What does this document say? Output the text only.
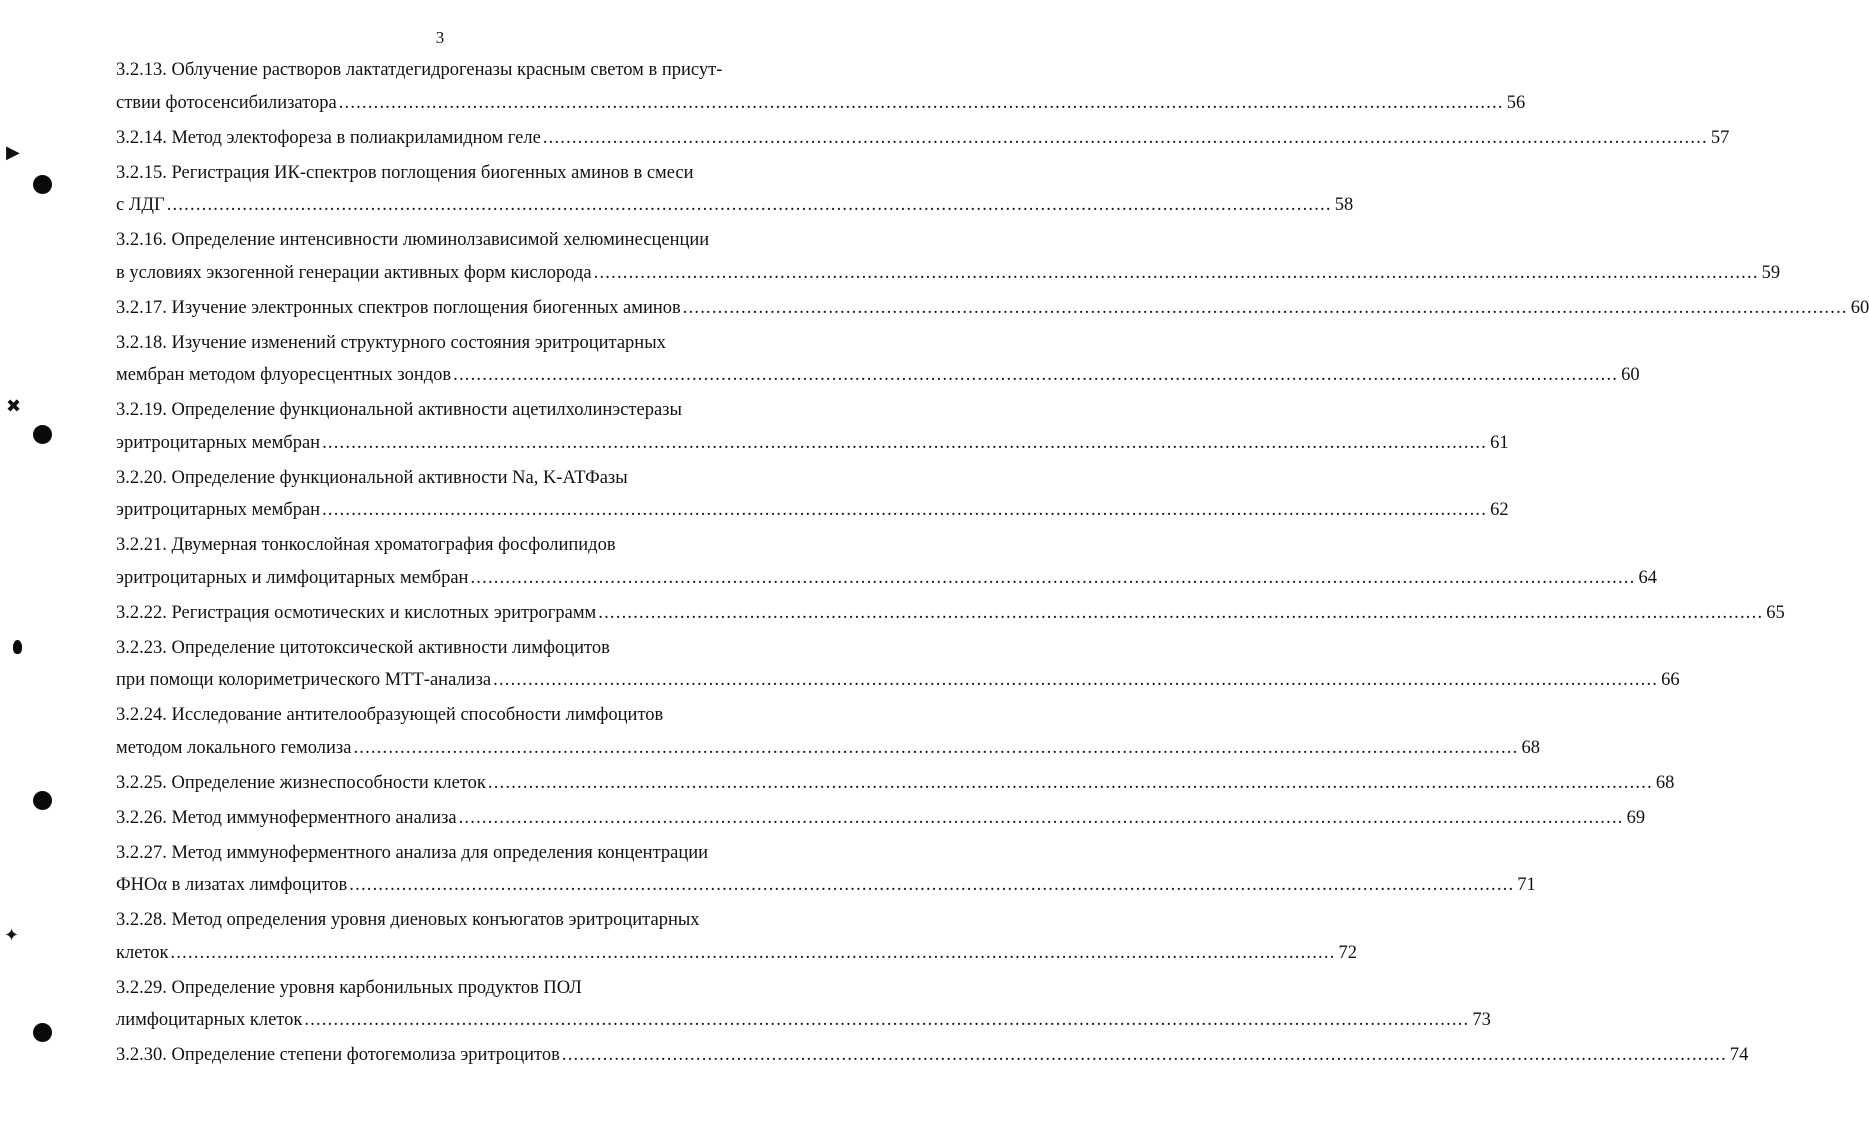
3
3.2.13. Облучение растворов лактатдегидрогеназы красным светом в присут-
ствии фотосенсибилизатора ........................................................................................................................................................................................................ 56
3.2.14. Метод электофореза в полиакриламидном геле ........................................................................................................................................................................................................ 57
3.2.15. Регистрация ИК-спектров поглощения биогенных аминов в смеси
с ЛДГ ........................................................................................................................................................................................................ 58
3.2.16. Определение интенсивности люминолзависимой хелюминесценции
в условиях экзогенной генерации активных форм кислорода ........................................................................................................................................................................................................ 59
3.2.17. Изучение электронных спектров поглощения биогенных аминов ........................................................................................................................................................................................................ 60
3.2.18. Изучение изменений структурного состояния эритроцитарных
мембран методом флуоресцентных зондов ........................................................................................................................................................................................................ 60
3.2.19. Определение функциональной активности ацетилхолинэстеразы
эритроцитарных мембран ........................................................................................................................................................................................................ 61
3.2.20. Определение функциональной активности Na, K-АТФазы
эритроцитарных мембран ........................................................................................................................................................................................................ 62
3.2.21. Двумерная тонкослойная хроматография фосфолипидов
эритроцитарных и лимфоцитарных мембран ........................................................................................................................................................................................................ 64
3.2.22. Регистрация осмотических и кислотных эритрограмм ........................................................................................................................................................................................................ 65
3.2.23. Определение цитотоксической активности лимфоцитов
при помощи колориметрического МТТ-анализа ........................................................................................................................................................................................................ 66
3.2.24. Исследование антителообразующей способности лимфоцитов
методом локального гемолиза ........................................................................................................................................................................................................ 68
3.2.25. Определение жизнеспособности клеток ........................................................................................................................................................................................................ 68
3.2.26. Метод иммуноферментного анализа ........................................................................................................................................................................................................ 69
3.2.27. Метод иммуноферментного анализа для определения концентрации
ФНОα в лизатах лимфоцитов ........................................................................................................................................................................................................ 71
3.2.28. Метод определения уровня диеновых конъюгатов эритроцитарных
клеток ........................................................................................................................................................................................................ 72
3.2.29. Определение уровня карбонильных продуктов ПОЛ
лимфоцитарных клеток ........................................................................................................................................................................................................ 73
3.2.30. Определение степени фотогемолиза эритроцитов ........................................................................................................................................................................................................ 74
▶
✖
✦
